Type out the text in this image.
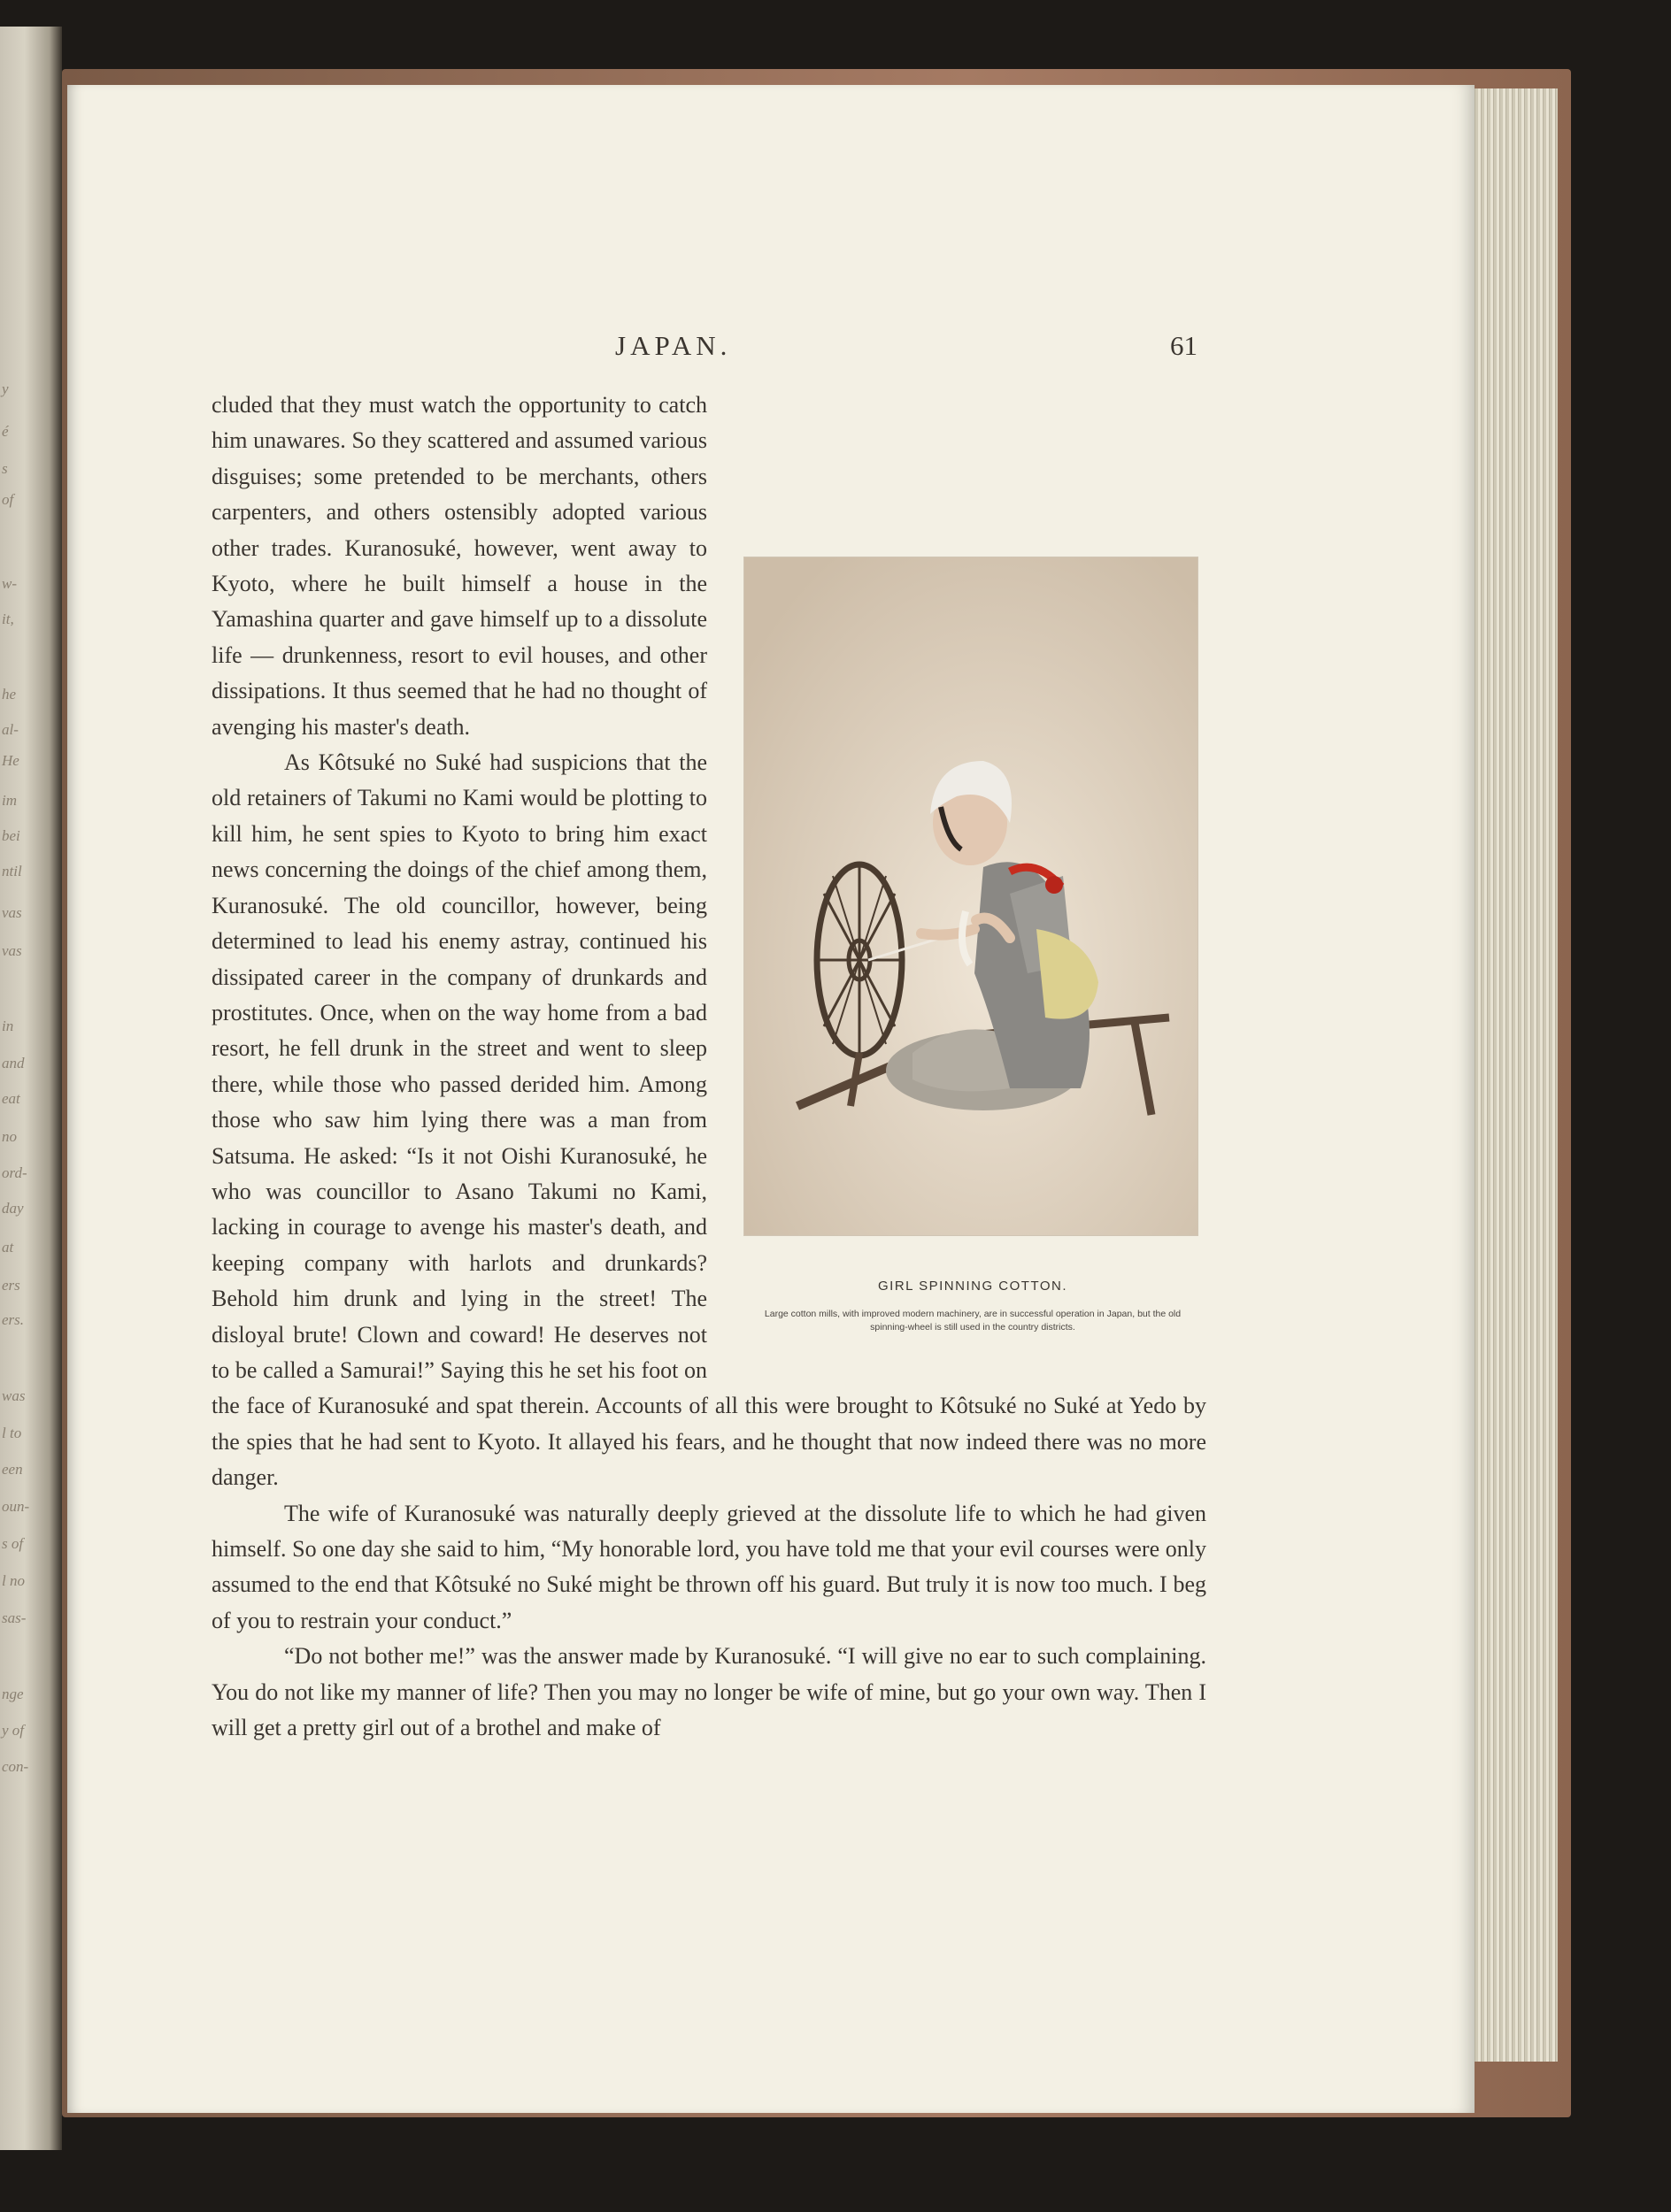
y
é
s
of
w-
it,
he
al-
He
im
bei
ntil
vas
vas
in
and
eat
no
ord-
day
at
ers
ers.
was
l to
een
oun-
s of
l no
sas-
nge
y of
con-
JAPAN.	61
GIRL SPINNING COTTON.
Large cotton mills, with improved modern machinery, are in successful operation in Japan, but the old spinning-wheel is still used in the country districts.

cluded that they must watch the opportunity to catch him unawares. So they scattered and assumed various disguises; some pretended to be merchants, others carpenters, and others ostensibly adopted various other trades. Kuranosuké, however, went away to Kyoto, where he built himself a house in the Yamashina quarter and gave himself up to a dissolute life — drunkenness, resort to evil houses, and other dissipations. It thus seemed that he had no thought of avenging his master's death.

As Kôtsuké no Suké had suspicions that the old retainers of Takumi no Kami would be plotting to kill him, he sent spies to Kyoto to bring him exact news concerning the doings of the chief among them, Kuranosuké. The old councillor, however, being determined to lead his enemy astray, continued his dissipated career in the company of drunkards and prostitutes. Once, when on the way home from a bad resort, he fell drunk in the street and went to sleep there, while those who passed derided him. Among those who saw him lying there was a man from Satsuma. He asked: “Is it not Oishi Kuranosuké, he who was councillor to Asano Takumi no Kami, lacking in courage to avenge his master's death, and keeping company with harlots and drunkards? Behold him drunk and lying in the street! The disloyal brute! Clown and coward! He deserves not to be called a Samurai!” Saying this he set his foot on the face of Kuranosuké and spat therein. Accounts of all this were brought to Kôtsuké no Suké at Yedo by the spies that he had sent to Kyoto. It allayed his fears, and he thought that now indeed there was no more danger.

The wife of Kuranosuké was naturally deeply grieved at the dissolute life to which he had given himself. So one day she said to him, “My honorable lord, you have told me that your evil courses were only assumed to the end that Kôtsuké no Suké might be thrown off his guard. But truly it is now too much. I beg of you to restrain your conduct.”

“Do not bother me!” was the answer made by Kuranosuké. “I will give no ear to such complaining. You do not like my manner of life? Then you may no longer be wife of mine, but go your own way. Then I will get a pretty girl out of a brothel and make of
